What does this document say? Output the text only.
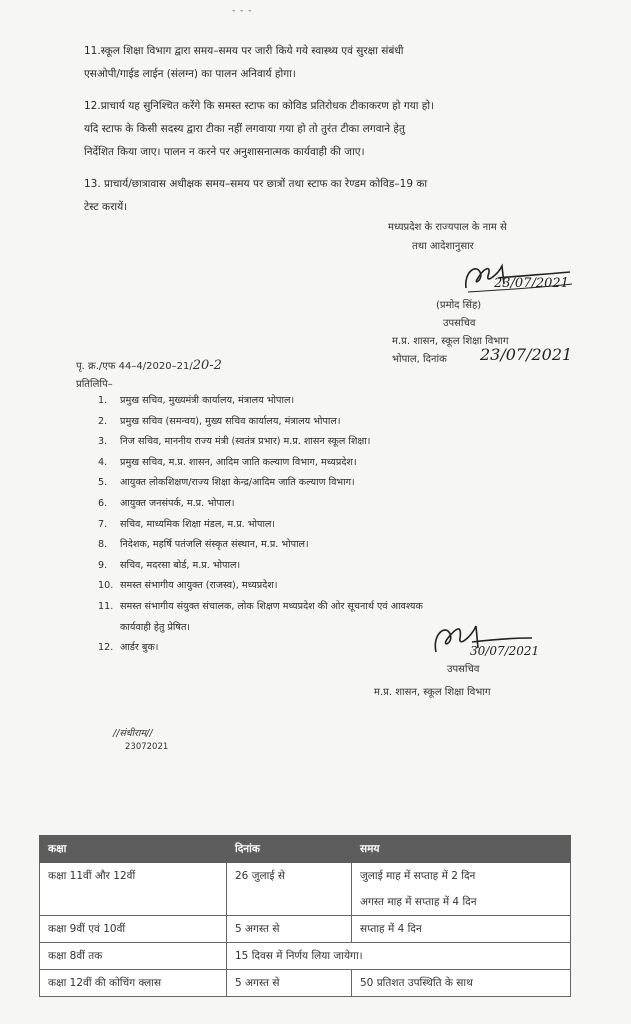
- - -
11.स्कूल शिक्षा विभाग द्वारा समय–समय पर जारी किये गये स्वास्थ्य एवं सुरक्षा संबंधी
एसओपी/गाईड लाईन (संलग्न) का पालन अनिवार्य होगा।
12.प्राचार्य यह सुनिश्चित करेंगे कि समस्त स्टाफ का कोविड प्रतिरोधक टीकाकरण हो गया हो।
यदि स्टाफ के किसी सदस्य द्वारा टीका नहीं लगवाया गया हो तो तुरंत टीका लगवाने हेतु
निर्देशित किया जाए। पालन न करने पर अनुशासनात्मक कार्यवाही की जाए।
13. प्राचार्य/छात्रावास अधीक्षक समय–समय पर छात्रों तथा स्टाफ का रेण्डम कोविड–19 का
टेस्ट करायें।
मध्यप्रदेश के राज्यपाल के नाम से
तथा आदेशानुसार
23/07/2021
(प्रमोद सिंह)
उपसचिव
म.प्र. शासन, स्कूल शिक्षा विभाग
भोपाल, दिनांक 23/07/2021
पृ. क्र./एफ 44–4/2020–21/20-2
प्रतिलिपि–
1. प्रमुख सचिव, मुख्यमंत्री कार्यालय, मंत्रालय भोपाल।
2. प्रमुख सचिव (समन्वय), मुख्य सचिव कार्यालय, मंत्रालय भोपाल।
3. निज सचिव, माननीय राज्य मंत्री (स्वतंत्र प्रभार) म.प्र. शासन स्कूल शिक्षा।
4. प्रमुख सचिव, म.प्र. शासन, आदिम जाति कल्याण विभाग, मध्यप्रदेश।
5. आयुक्त लोकशिक्षण/राज्य शिक्षा केन्द्र/आदिम जाति कल्याण विभाग।
6. आयुक्त जनसंपर्क, म.प्र. भोपाल।
7. सचिव, माध्यमिक शिक्षा मंडल, म.प्र. भोपाल।
8. निदेशक, महर्षि पतंजलि संस्कृत संस्थान, म.प्र. भोपाल।
9. सचिव, मदरसा बोर्ड, म.प्र. भोपाल।
10. समस्त संभागीय आयुक्त (राजस्व), मध्यप्रदेश।
11. समस्त संभागीय संयुक्त संचालक, लोक शिक्षण मध्यप्रदेश की ओर सूचनार्थ एवं आवश्यक
कार्यवाही हेतु प्रेषित।
12. आर्डर बुक।	30/07/2021
उपसचिव
म.प्र. शासन, स्कूल शिक्षा विभाग
//संधीराम//
23072021
कक्षा	दिनांक	समय
कक्षा 11वीं और 12वीं	26 जुलाई से	जुलाई माह में सप्ताह में 2 दिन
अगस्त माह में सप्ताह में 4 दिन

कक्षा 9वीं एवं 10वीं	5 अगस्त से	सप्ताह में 4 दिन
कक्षा 8वीं तक	15 दिवस में निर्णय लिया जायेगा।	
कक्षा 12वीं की कोचिंग क्लास	5 अगस्त से	50 प्रतिशत उपस्थिति के साथ
